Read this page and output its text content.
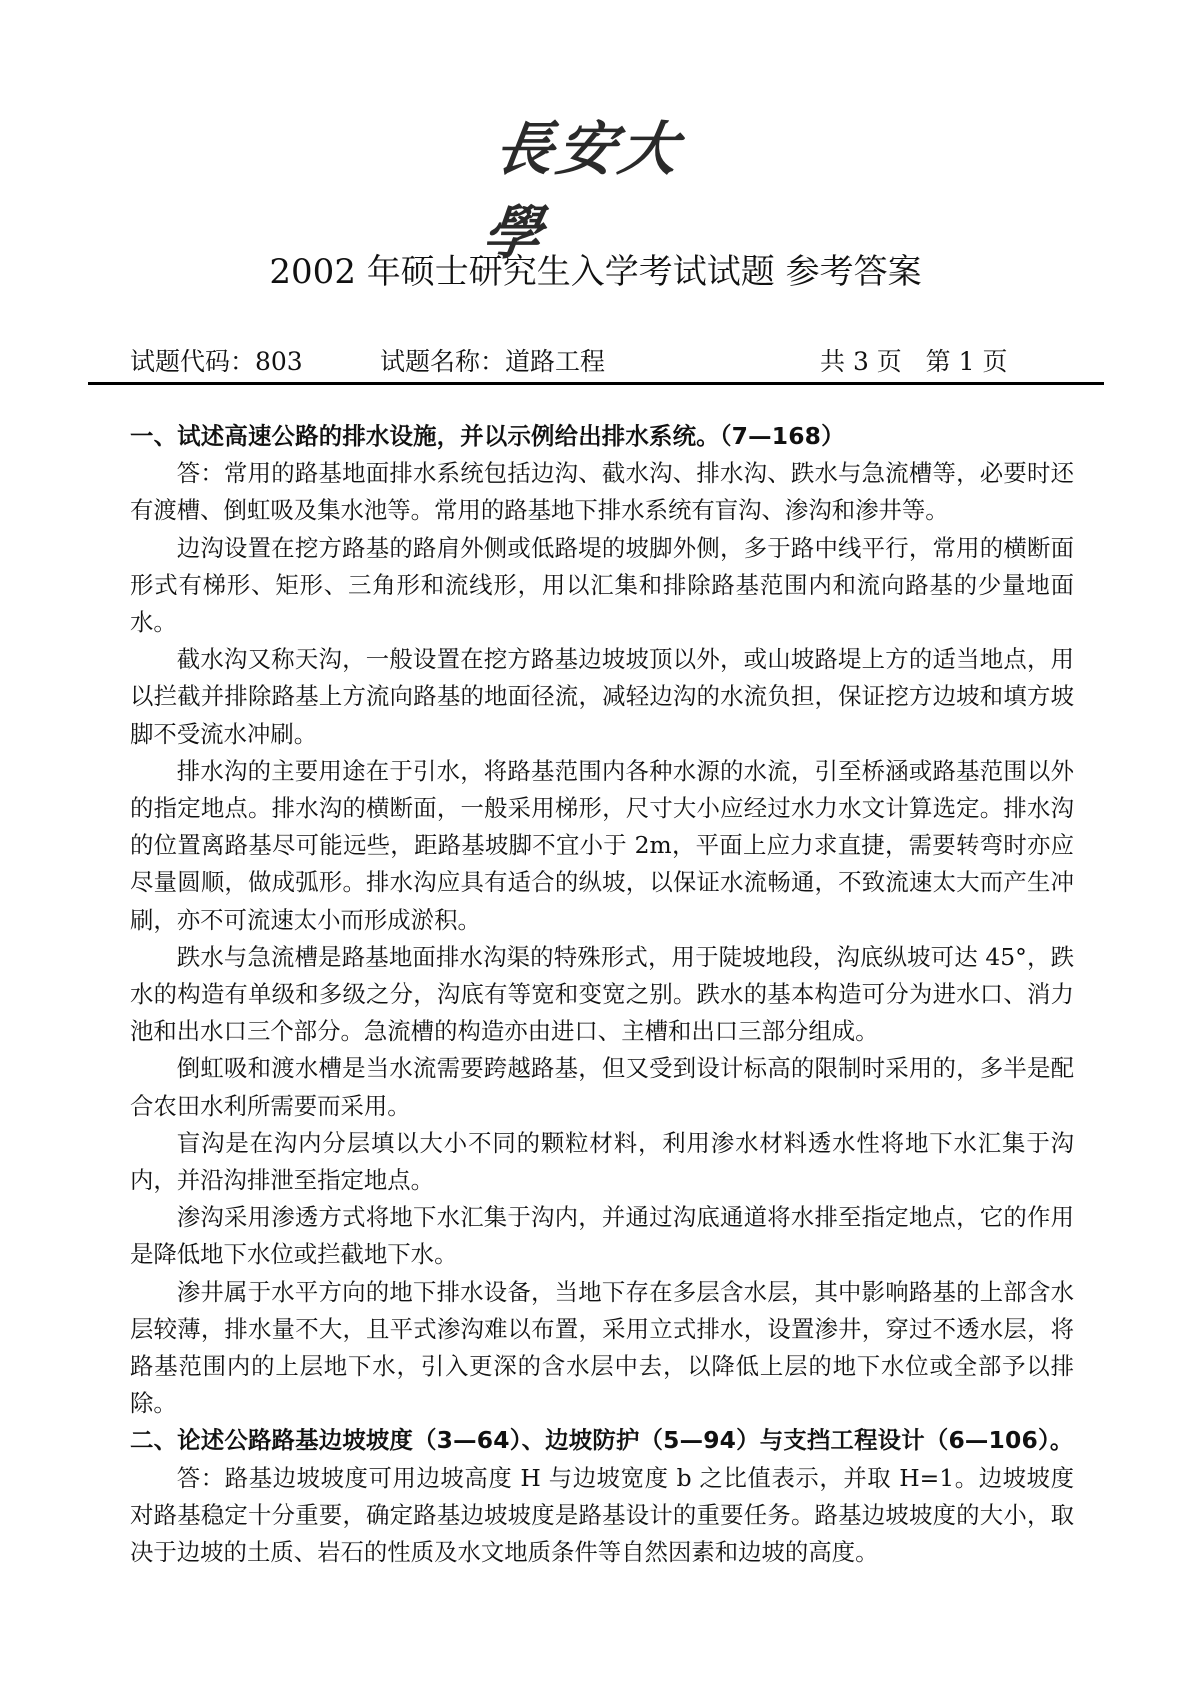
長安大學
2002 年硕士研究生入学考试试题 参考答案
试题代码：803	试题名称：道路工程	共 3 页   第 1 页
一、试述高速公路的排水设施，并以示例给出排水系统。（7—168）

答：常用的路基地面排水系统包括边沟、截水沟、排水沟、跌水与急流槽等，必要时还有渡槽、倒虹吸及集水池等。常用的路基地下排水系统有盲沟、渗沟和渗井等。

边沟设置在挖方路基的路肩外侧或低路堤的坡脚外侧，多于路中线平行，常用的横断面形式有梯形、矩形、三角形和流线形，用以汇集和排除路基范围内和流向路基的少量地面水。

截水沟又称天沟，一般设置在挖方路基边坡坡顶以外，或山坡路堤上方的适当地点，用以拦截并排除路基上方流向路基的地面径流，减轻边沟的水流负担，保证挖方边坡和填方坡脚不受流水冲刷。

排水沟的主要用途在于引水，将路基范围内各种水源的水流，引至桥涵或路基范围以外的指定地点。排水沟的横断面，一般采用梯形，尺寸大小应经过水力水文计算选定。排水沟的位置离路基尽可能远些，距路基坡脚不宜小于 2m，平面上应力求直捷，需要转弯时亦应尽量圆顺，做成弧形。排水沟应具有适合的纵坡，以保证水流畅通，不致流速太大而产生冲刷，亦不可流速太小而形成淤积。

跌水与急流槽是路基地面排水沟渠的特殊形式，用于陡坡地段，沟底纵坡可达 45°，跌水的构造有单级和多级之分，沟底有等宽和变宽之别。跌水的基本构造可分为进水口、消力池和出水口三个部分。急流槽的构造亦由进口、主槽和出口三部分组成。

倒虹吸和渡水槽是当水流需要跨越路基，但又受到设计标高的限制时采用的，多半是配合农田水利所需要而采用。

盲沟是在沟内分层填以大小不同的颗粒材料，利用渗水材料透水性将地下水汇集于沟内，并沿沟排泄至指定地点。

渗沟采用渗透方式将地下水汇集于沟内，并通过沟底通道将水排至指定地点，它的作用是降低地下水位或拦截地下水。

渗井属于水平方向的地下排水设备，当地下存在多层含水层，其中影响路基的上部含水层较薄，排水量不大，且平式渗沟难以布置，采用立式排水，设置渗井，穿过不透水层，将路基范围内的上层地下水，引入更深的含水层中去，以降低上层的地下水位或全部予以排除。

二、论述公路路基边坡坡度（3—64）、边坡防护（5—94）与支挡工程设计（6—106）。

答：路基边坡坡度可用边坡高度 H 与边坡宽度 b 之比值表示，并取 H=1。边坡坡度对路基稳定十分重要，确定路基边坡坡度是路基设计的重要任务。路基边坡坡度的大小，取决于边坡的土质、岩石的性质及水文地质条件等自然因素和边坡的高度。
